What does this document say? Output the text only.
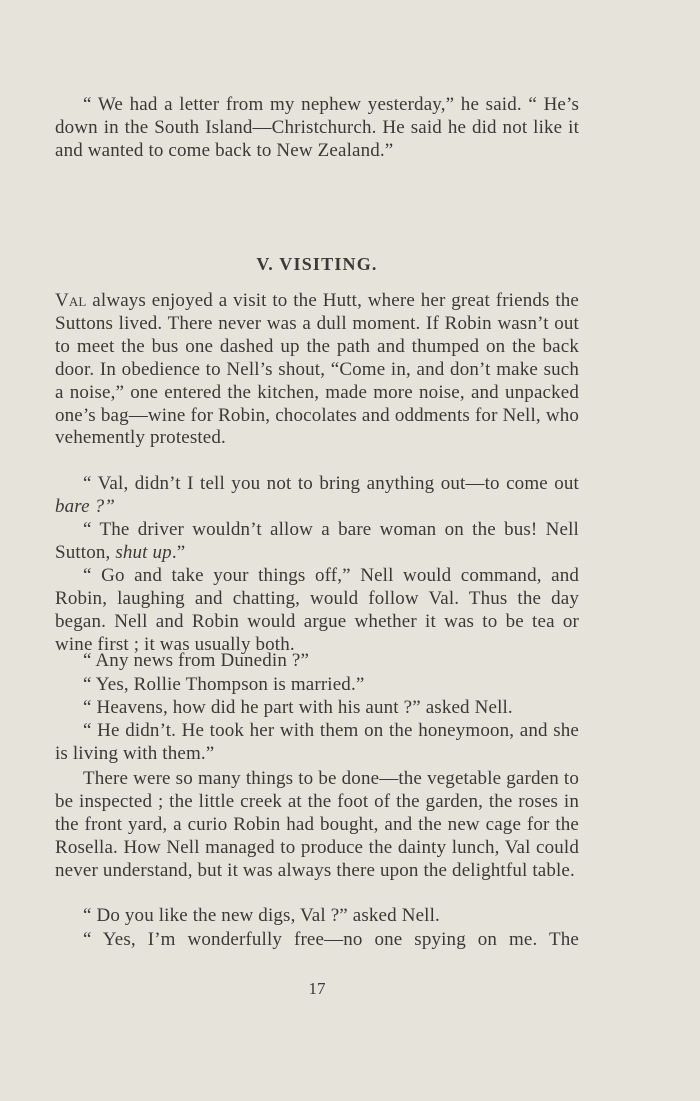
“ We had a letter from my nephew yesterday,” he said. “ He’s down in the South Island—Christchurch. He said he did not like it and wanted to come back to New Zealand.”

V. VISITING.

Val always enjoyed a visit to the Hutt, where her great friends the Suttons lived. There never was a dull moment. If Robin wasn’t out to meet the bus one dashed up the path and thumped on the back door. In obedience to Nell’s shout, “Come in, and don’t make such a noise,” one entered the kitchen, made more noise, and unpacked one’s bag—wine for Robin, chocolates and oddments for Nell, who vehemently protested.

“ Val, didn’t I tell you not to bring anything out—to come out bare ?”

“ The driver wouldn’t allow a bare woman on the bus! Nell Sutton, shut up.”

“ Go and take your things off,” Nell would command, and Robin, laughing and chatting, would follow Val. Thus the day began. Nell and Robin would argue whether it was to be tea or wine first ; it was usually both.

“ Any news from Dunedin ?”

“ Yes, Rollie Thompson is married.”

“ Heavens, how did he part with his aunt ?” asked Nell.

“ He didn’t. He took her with them on the honeymoon, and she is living with them.”

There were so many things to be done—the vegetable garden to be inspected ; the little creek at the foot of the garden, the roses in the front yard, a curio Robin had bought, and the new cage for the Rosella. How Nell managed to produce the dainty lunch, Val could never understand, but it was always there upon the delightful table.

“ Do you like the new digs, Val ?” asked Nell.

“ Yes, I’m wonderfully free—no one spying on me. The

17
